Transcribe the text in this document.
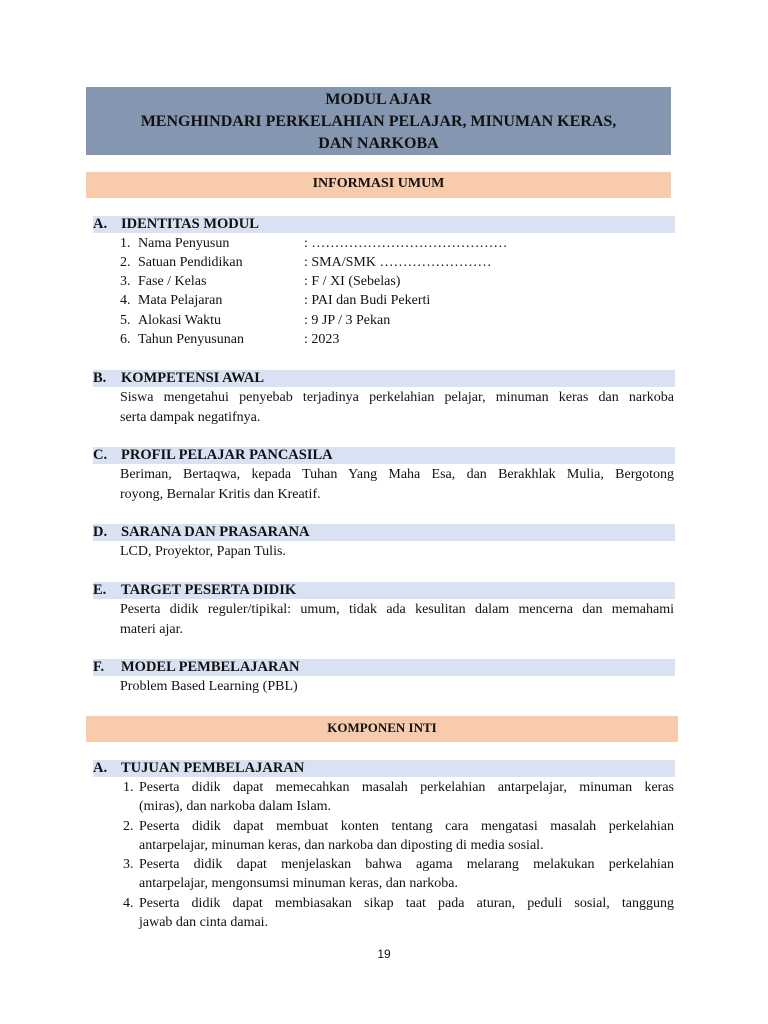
MODUL AJAR
MENGHINDARI PERKELAHIAN PELAJAR, MINUMAN KERAS,
DAN NARKOBA
INFORMASI UMUM
A. IDENTITAS MODUL
1. Nama Penyusun	: ……………………………………
2. Satuan Pendidikan	: SMA/SMK ……………………
3. Fase / Kelas	: F / XI (Sebelas)
4. Mata Pelajaran	: PAI dan Budi Pekerti
5. Alokasi Waktu	: 9 JP / 3 Pekan
6. Tahun Penyusunan	: 2023
B. KOMPETENSI AWAL
Siswa mengetahui penyebab terjadinya perkelahian pelajar, minuman keras dan narkoba
serta dampak negatifnya.
C. PROFIL PELAJAR PANCASILA
Beriman, Bertaqwa, kepada Tuhan Yang Maha Esa, dan Berakhlak Mulia, Bergotong
royong, Bernalar Kritis dan Kreatif.
D. SARANA DAN PRASARANA
LCD, Proyektor, Papan Tulis.
E. TARGET PESERTA DIDIK
Peserta didik reguler/tipikal: umum, tidak ada kesulitan dalam mencerna dan memahami
materi ajar.
F. MODEL PEMBELAJARAN
Problem Based Learning (PBL)
KOMPONEN INTI
A. TUJUAN PEMBELAJARAN
1. Peserta didik dapat memecahkan masalah perkelahian antarpelajar, minuman keras
(miras), dan narkoba dalam Islam.
2. Peserta didik dapat membuat konten tentang cara mengatasi masalah perkelahian
antarpelajar, minuman keras, dan narkoba dan diposting di media sosial.
3. Peserta didik dapat menjelaskan bahwa agama melarang melakukan perkelahian
antarpelajar, mengonsumsi minuman keras, dan narkoba.
4. Peserta didik dapat membiasakan sikap taat pada aturan, peduli sosial, tanggung
jawab dan cinta damai.
19
